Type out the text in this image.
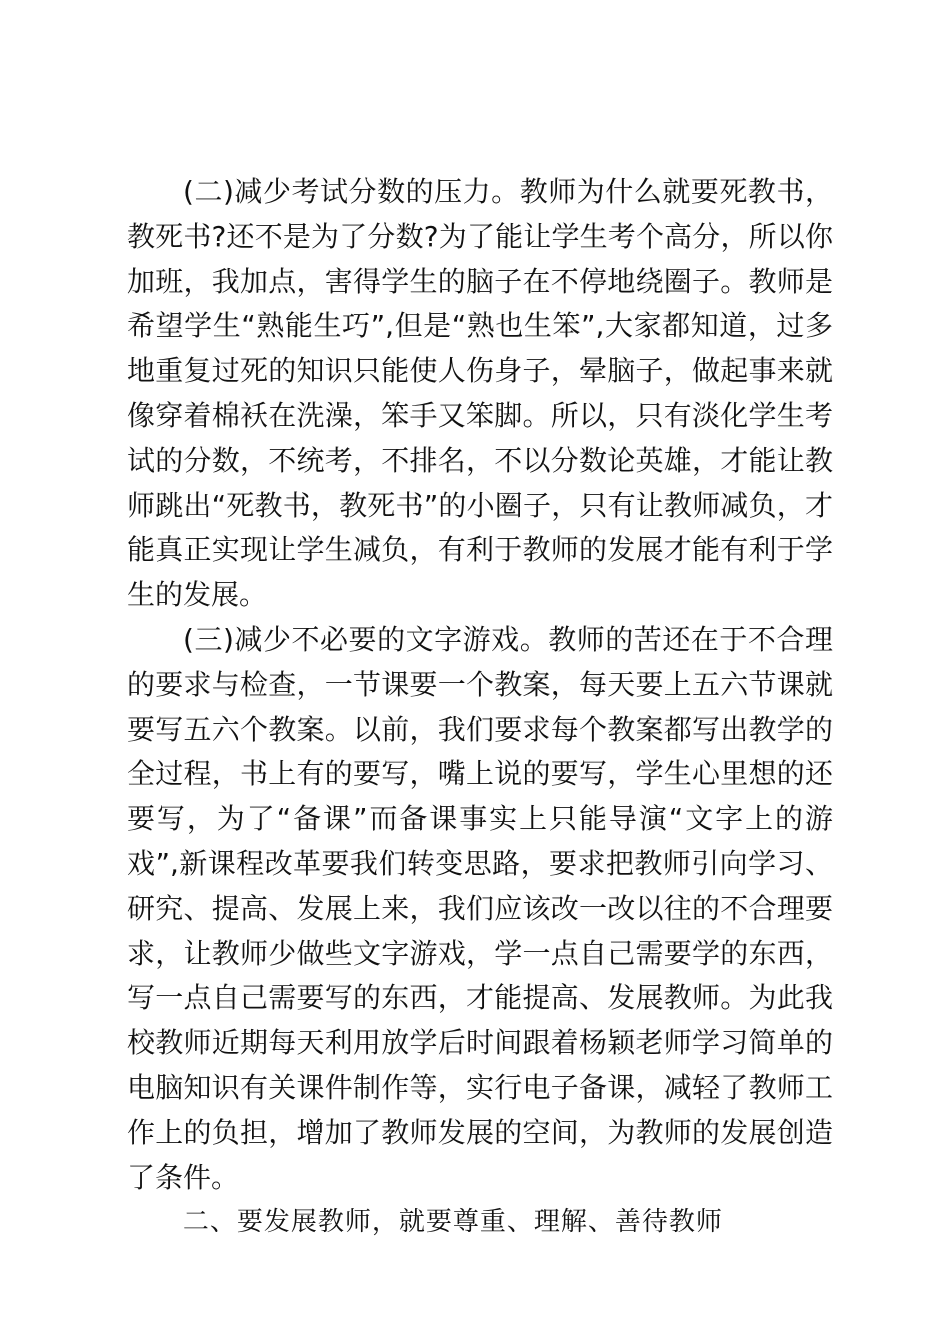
(二)减少考试分数的压力。教师为什么就要死教书，教死书?还不是为了分数?为了能让学生考个高分，所以你加班，我加点，害得学生的脑子在不停地绕圈子。教师是希望学生“熟能生巧”,但是“熟也生笨”,大家都知道，过多地重复过死的知识只能使人伤身子，晕脑子，做起事来就像穿着棉袄在洗澡，笨手又笨脚。所以，只有淡化学生考试的分数，不统考，不排名，不以分数论英雄，才能让教师跳出“死教书，教死书”的小圈子，只有让教师减负，才能真正实现让学生减负，有利于教师的发展才能有利于学生的发展。

(三)减少不必要的文字游戏。教师的苦还在于不合理的要求与检查，一节课要一个教案，每天要上五六节课就要写五六个教案。以前，我们要求每个教案都写出教学的全过程，书上有的要写，嘴上说的要写，学生心里想的还要写，为了“备课”而备课事实上只能导演“文字上的游戏”,新课程改革要我们转变思路，要求把教师引向学习、研究、提高、发展上来，我们应该改一改以往的不合理要求，让教师少做些文字游戏，学一点自己需要学的东西，写一点自己需要写的东西，才能提高、发展教师。为此我校教师近期每天利用放学后时间跟着杨颖老师学习简单的电脑知识有关课件制作等，实行电子备课，减轻了教师工作上的负担，增加了教师发展的空间，为教师的发展创造了条件。

二、要发展教师，就要尊重、理解、善待教师
